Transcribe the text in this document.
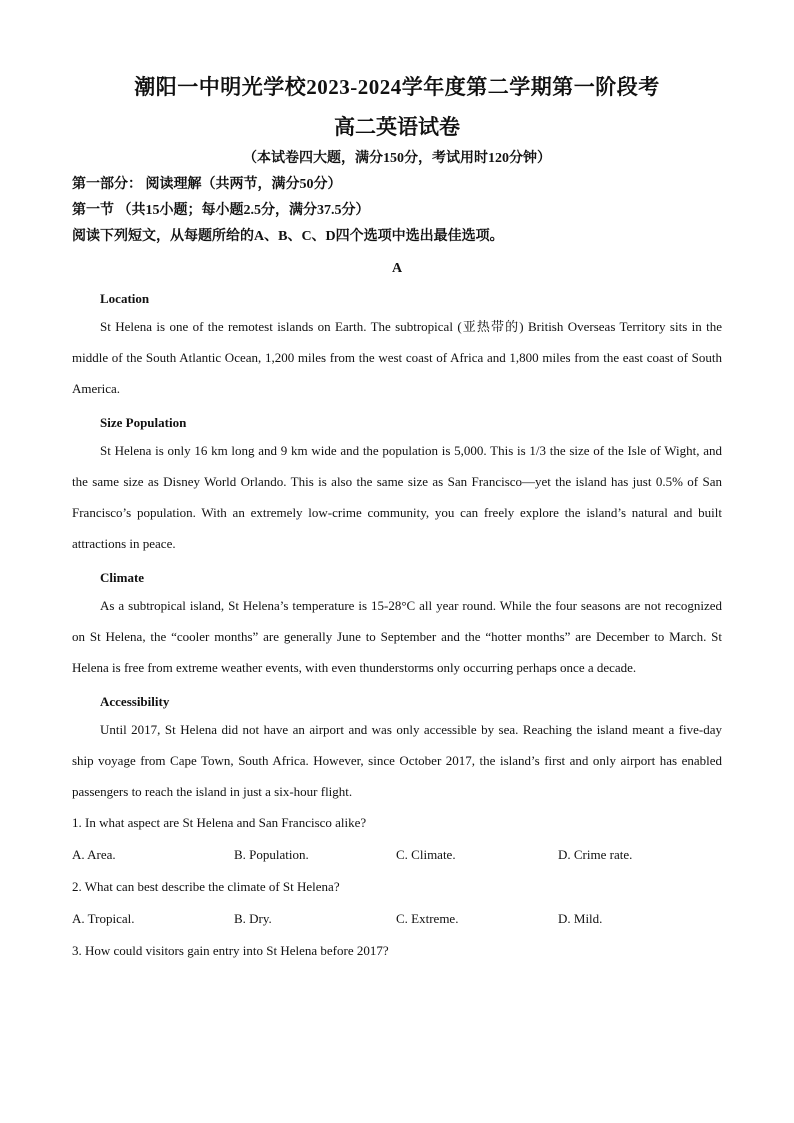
潮阳一中明光学校2023-2024学年度第二学期第一阶段考
高二英语试卷
（本试卷四大题，满分150分，考试用时120分钟）
第一部分： 阅读理解（共两节，满分50分）
第一节 （共15小题；每小题2.5分，满分37.5分）
阅读下列短文，从每题所给的A、B、C、D四个选项中选出最佳选项。
A
Location
St Helena is one of the remotest islands on Earth. The subtropical (亚热带的) British Overseas Territory sits in the middle of the South Atlantic Ocean, 1,200 miles from the west coast of Africa and 1,800 miles from the east coast of South America.
Size Population
St Helena is only 16 km long and 9 km wide and the population is 5,000. This is 1/3 the size of the Isle of Wight, and the same size as Disney World Orlando. This is also the same size as San Francisco—yet the island has just 0.5% of San Francisco’s population. With an extremely low-crime community, you can freely explore the island’s natural and built attractions in peace.
Climate
As a subtropical island, St Helena’s temperature is 15-28°C all year round. While the four seasons are not recognized on St Helena, the “cooler months” are generally June to September and the “hotter months” are December to March. St Helena is free from extreme weather events, with even thunderstorms only occurring perhaps once a decade.
Accessibility
Until 2017, St Helena did not have an airport and was only accessible by sea. Reaching the island meant a five-day ship voyage from Cape Town, South Africa. However, since October 2017, the island’s first and only airport has enabled passengers to reach the island in just a six-hour flight.
1. In what aspect are St Helena and San Francisco alike?
A. Area.	B. Population.	C. Climate.	D. Crime rate.
2. What can best describe the climate of St Helena?
A. Tropical.	B. Dry.	C. Extreme.	D. Mild.
3. How could visitors gain entry into St Helena before 2017?
